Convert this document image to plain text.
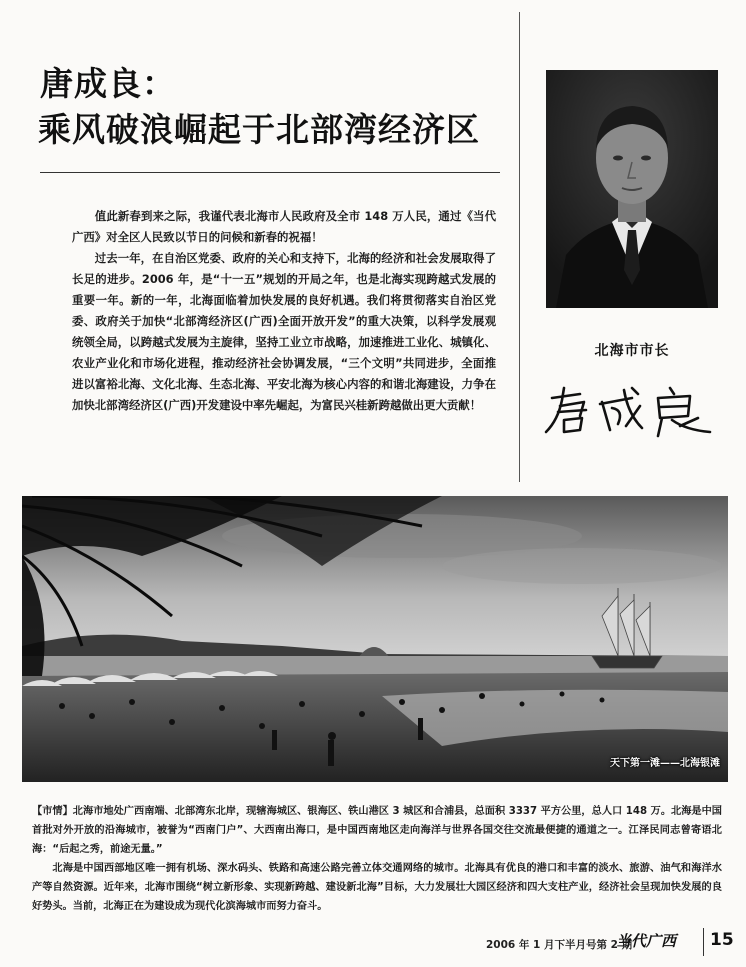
唐成良：
乘风破浪崛起于北部湾经济区

值此新春到来之际，我谨代表北海市人民政府及全市 148 万人民，通过《当代广西》对全区人民致以节日的问候和新春的祝福！

过去一年，在自治区党委、政府的关心和支持下，北海的经济和社会发展取得了长足的进步。2006 年，是“十一五”规划的开局之年，也是北海实现跨越式发展的重要一年。新的一年，北海面临着加快发展的良好机遇。我们将贯彻落实自治区党委、政府关于加快“北部湾经济区(广西)全面开放开发”的重大决策，以科学发展观统领全局，以跨越式发展为主旋律，坚持工业立市战略，加速推进工业化、城镇化、农业产业化和市场化进程，推动经济社会协调发展，“三个文明”共同进步，全面推进以富裕北海、文化北海、生态北海、平安北海为核心内容的和谐北海建设，力争在加快北部湾经济区(广西)开发建设中率先崛起，为富民兴桂新跨越做出更大贡献！

北海市市长
天下第一滩——北海银滩

【市情】北海市地处广西南端、北部湾东北岸，现辖海城区、银海区、铁山港区 3 城区和合浦县，总面积 3337 平方公里，总人口 148 万。北海是中国首批对外开放的沿海城市，被誉为“西南门户”、大西南出海口，是中国西南地区走向海洋与世界各国交往交流最便捷的通道之一。江泽民同志曾寄语北海：“后起之秀，前途无量。”

北海是中国西部地区唯一拥有机场、深水码头、铁路和高速公路完善立体交通网络的城市。北海具有优良的港口和丰富的淡水、旅游、油气和海洋水产等自然资源。近年来，北海市围绕“树立新形象、实现新跨越、建设新北海”目标，大力发展壮大园区经济和四大支柱产业，经济社会呈现加快发展的良好势头。当前，北海正在为建设成为现代化滨海城市而努力奋斗。

2006 年 1 月下半月号第 2 期
当代广西 15
